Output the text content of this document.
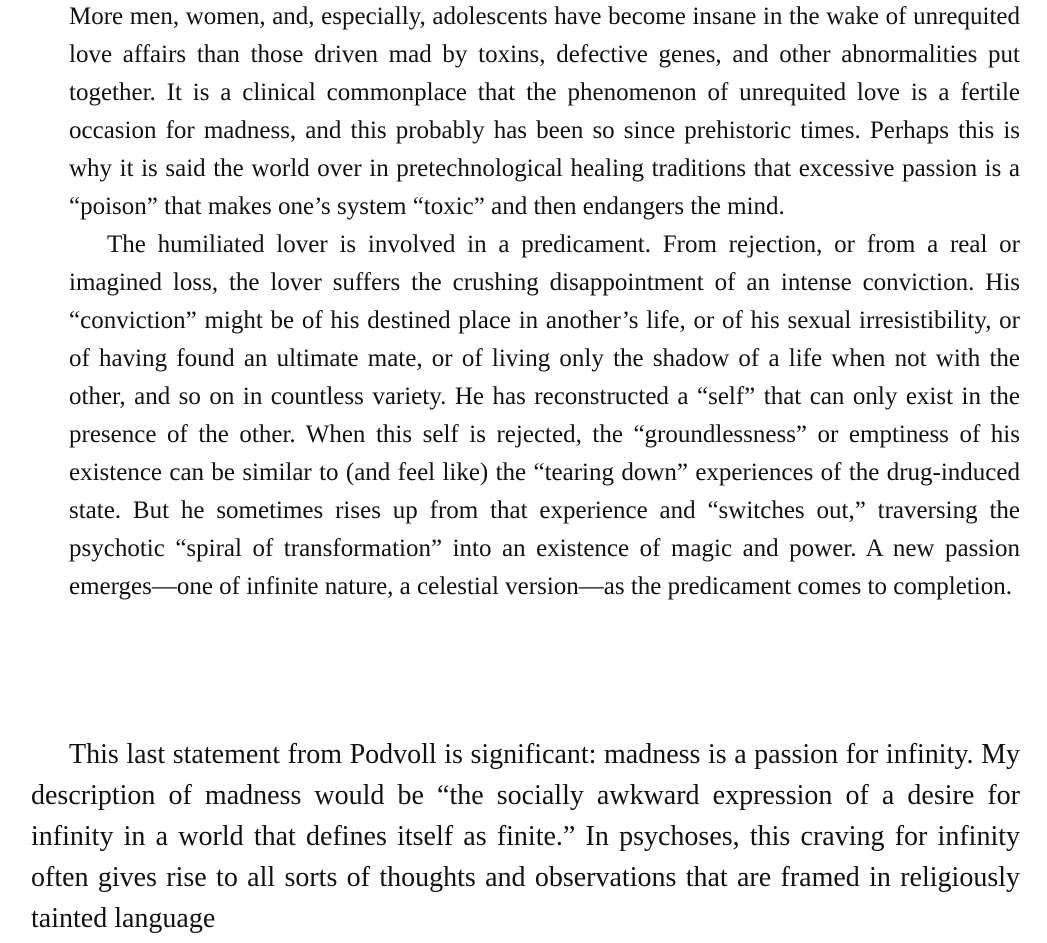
More men, women, and, especially, adolescents have become insane in the wake of unrequited love affairs than those driven mad by toxins, defective genes, and other abnormalities put together. It is a clinical commonplace that the phenomenon of unrequited love is a fertile occasion for madness, and this probably has been so since prehistoric times. Perhaps this is why it is said the world over in pretechnological healing traditions that excessive passion is a “poison” that makes one’s system “toxic” and then endangers the mind.

The humiliated lover is involved in a predicament. From rejection, or from a real or imagined loss, the lover suffers the crushing disappointment of an intense conviction. His “conviction” might be of his destined place in another’s life, or of his sexual irresistibility, or of having found an ultimate mate, or of living only the shadow of a life when not with the other, and so on in countless variety. He has reconstructed a “self” that can only exist in the presence of the other. When this self is rejected, the “groundlessness” or emptiness of his existence can be similar to (and feel like) the “tearing down” experiences of the drug-induced state. But he sometimes rises up from that experience and “switches out,” traversing the psychotic “spiral of transformation” into an existence of magic and power. A new passion emerges—one of infinite nature, a celestial version—as the predicament comes to completion.

This last statement from Podvoll is significant: madness is a passion for infinity. My description of madness would be “the socially awkward expression of a desire for infinity in a world that defines itself as finite.” In psychoses, this craving for infinity often gives rise to all sorts of thoughts and observations that are framed in religiously tainted language
